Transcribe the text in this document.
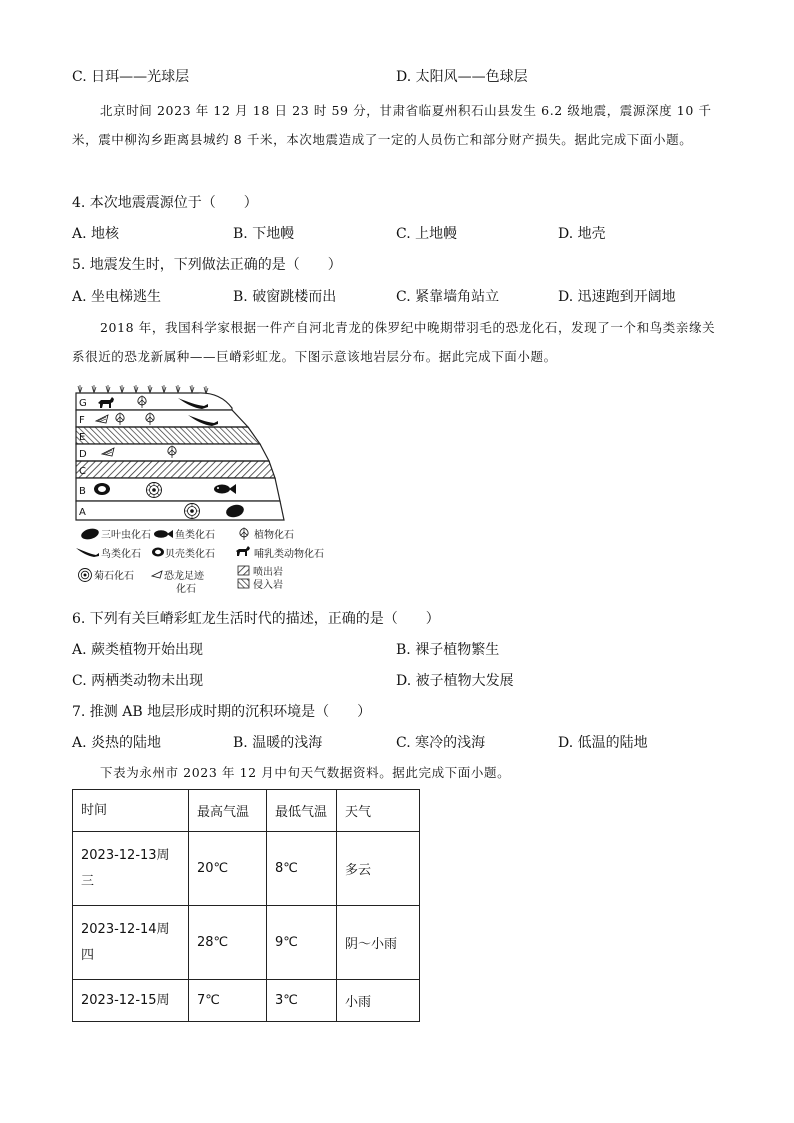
C. 日珥——光球层	D. 太阳风——色球层
北京时间 2023 年 12 月 18 日 23 时 59 分，甘肃省临夏州积石山县发生 6.2 级地震，震源深度 10 千米，震中柳沟乡距离县城约 8 千米，本次地震造成了一定的人员伤亡和部分财产损失。据此完成下面小题。
4. 本次地震震源位于（　　）
A. 地核	B. 下地幔	C. 上地幔	D. 地壳
5. 地震发生时，下列做法正确的是（　　）
A. 坐电梯逃生	B. 破窗跳楼而出	C. 紧靠墙角站立	D. 迅速跑到开阔地
2018 年，我国科学家根据一件产自河北青龙的侏罗纪中晚期带羽毛的恐龙化石，发现了一个和鸟类亲缘关系很近的恐龙新属种——巨嵴彩虹龙。下图示意该地岩层分布。据此完成下面小题。
G
F
E
D
C
B
A
三叶虫化石 鱼类化石	植物化石
鸟类化石 贝壳类化石	哺乳类动物化石
菊石化石	恐龙足迹
化石
喷出岩
侵入岩
6. 下列有关巨嵴彩虹龙生活时代的描述，正确的是（　　）
A. 蕨类植物开始出现	B. 裸子植物繁生
C. 两栖类动物未出现	D. 被子植物大发展
7. 推测 AB 地层形成时期的沉积环境是（　　）
A. 炎热的陆地	B. 温暖的浅海	C. 寒冷的浅海	D. 低温的陆地
下表为永州市 2023 年 12 月中旬天气数据资料。据此完成下面小题。
时间	最高气温	最低气温	天气
2023-12-13周
三	20℃	8℃	多云
2023-12-14周
四	28℃	9℃	阴～小雨
2023-12-15周	7℃	3℃	小雨
